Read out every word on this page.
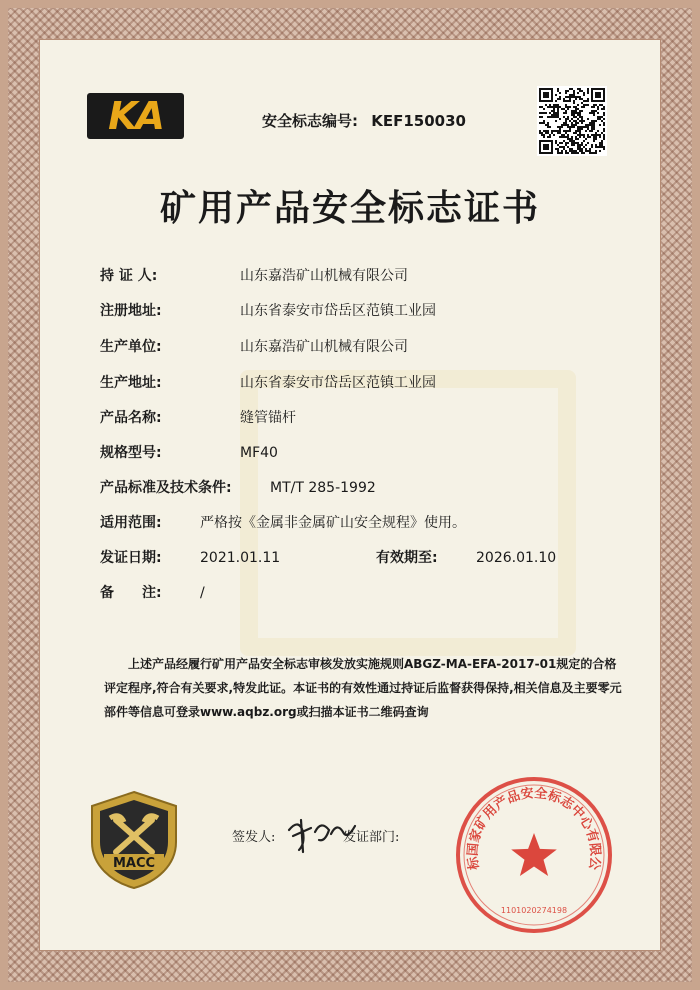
KA	安全标志编号: KEF150030
矿用产品安全标志证书
持 证 人:	山东嘉浩矿山机械有限公司
注册地址:	山东省泰安市岱岳区范镇工业园
生产单位:	山东嘉浩矿山机械有限公司
生产地址:	山东省泰安市岱岳区范镇工业园
产品名称:	缝管锚杆
规格型号:	MF40
产品标准及技术条件:	MT/T 285-1992
适用范围:	严格按《金属非金属矿山安全规程》使用。
发证日期:	2021.01.11	有效期至:	2026.01.10
备　　注:	/
上述产品经履行矿用产品安全标志审核发放实施规则ABGZ-MA-EFA-2017-01规定的合格评定程序,符合有关要求,特发此证。本证书的有效性通过持证后监督获得保持,相关信息及主要零元部件等信息可登录www.aqbz.org或扫描本证书二维码查询
MACC
签发人:	发证部门:
标国家矿用产品安全标志中心有限公
1101020274198
